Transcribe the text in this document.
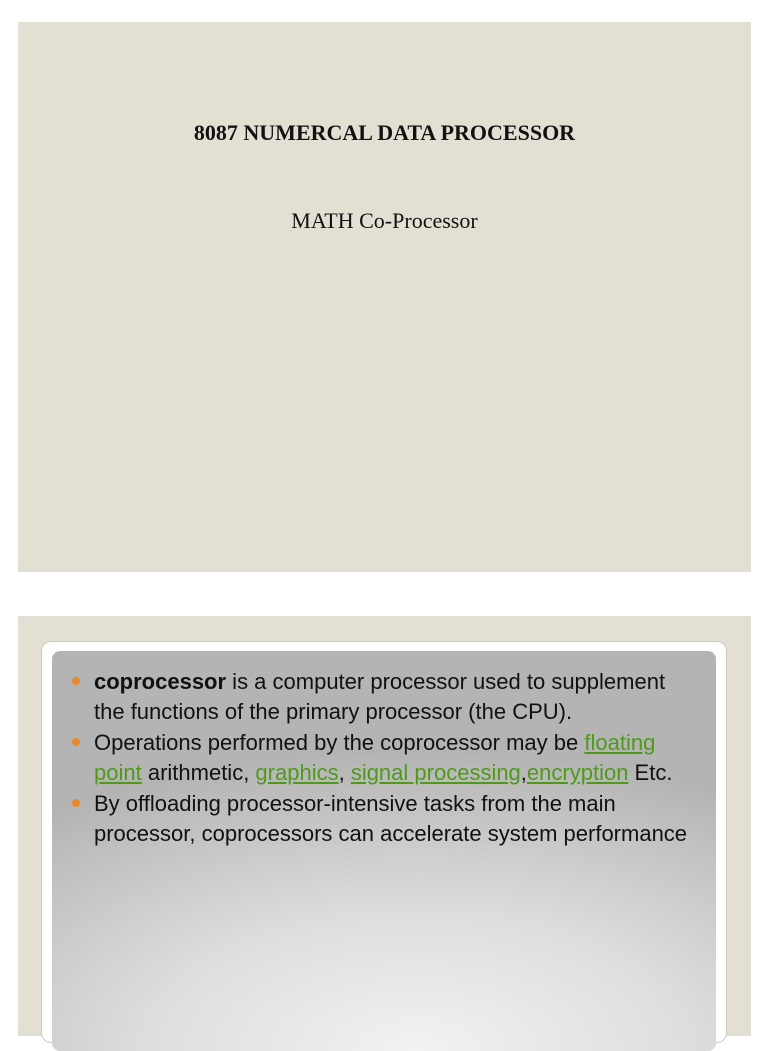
8087 NUMERCAL DATA PROCESSOR
MATH Co-Processor
coprocessor is a computer processor used to supplement the functions of the primary processor (the CPU).
Operations performed by the coprocessor may be floating point arithmetic, graphics, signal processing,encryption Etc.
By offloading processor-intensive tasks from the main processor, coprocessors can accelerate system performance
